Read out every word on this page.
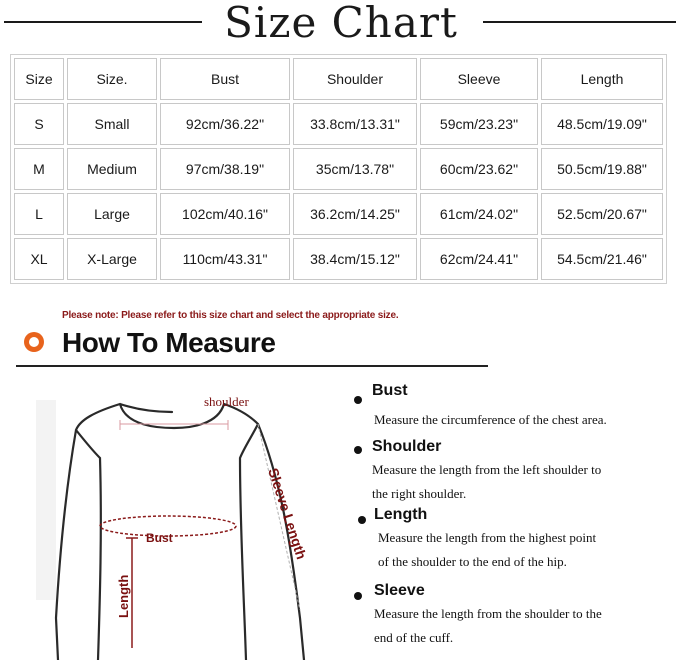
Size Chart
Size	Size.	Bust	Shoulder	Sleeve	Length
S	Small	92cm/36.22"	33.8cm/13.31"	59cm/23.23"	48.5cm/19.09"
M	Medium	97cm/38.19"	35cm/13.78"	60cm/23.62"	50.5cm/19.88"
L	Large	102cm/40.16"	36.2cm/14.25"	61cm/24.02"	52.5cm/20.67"
XL	X-Large	110cm/43.31"	38.4cm/15.12"	62cm/24.41"	54.5cm/21.46"
Please note: Please refer to this size chart and select the appropriate size.
How To Measure
shoulder
Sleeve Length
Bust
Length
Bust
Measure the circumference of the chest area.
Shoulder
Measure the length from the left shoulder to
the right shoulder.
Length
Measure the length from the highest point
of the shoulder to the end of the hip.
Sleeve
Measure the length from the shoulder to the
end of the cuff.
